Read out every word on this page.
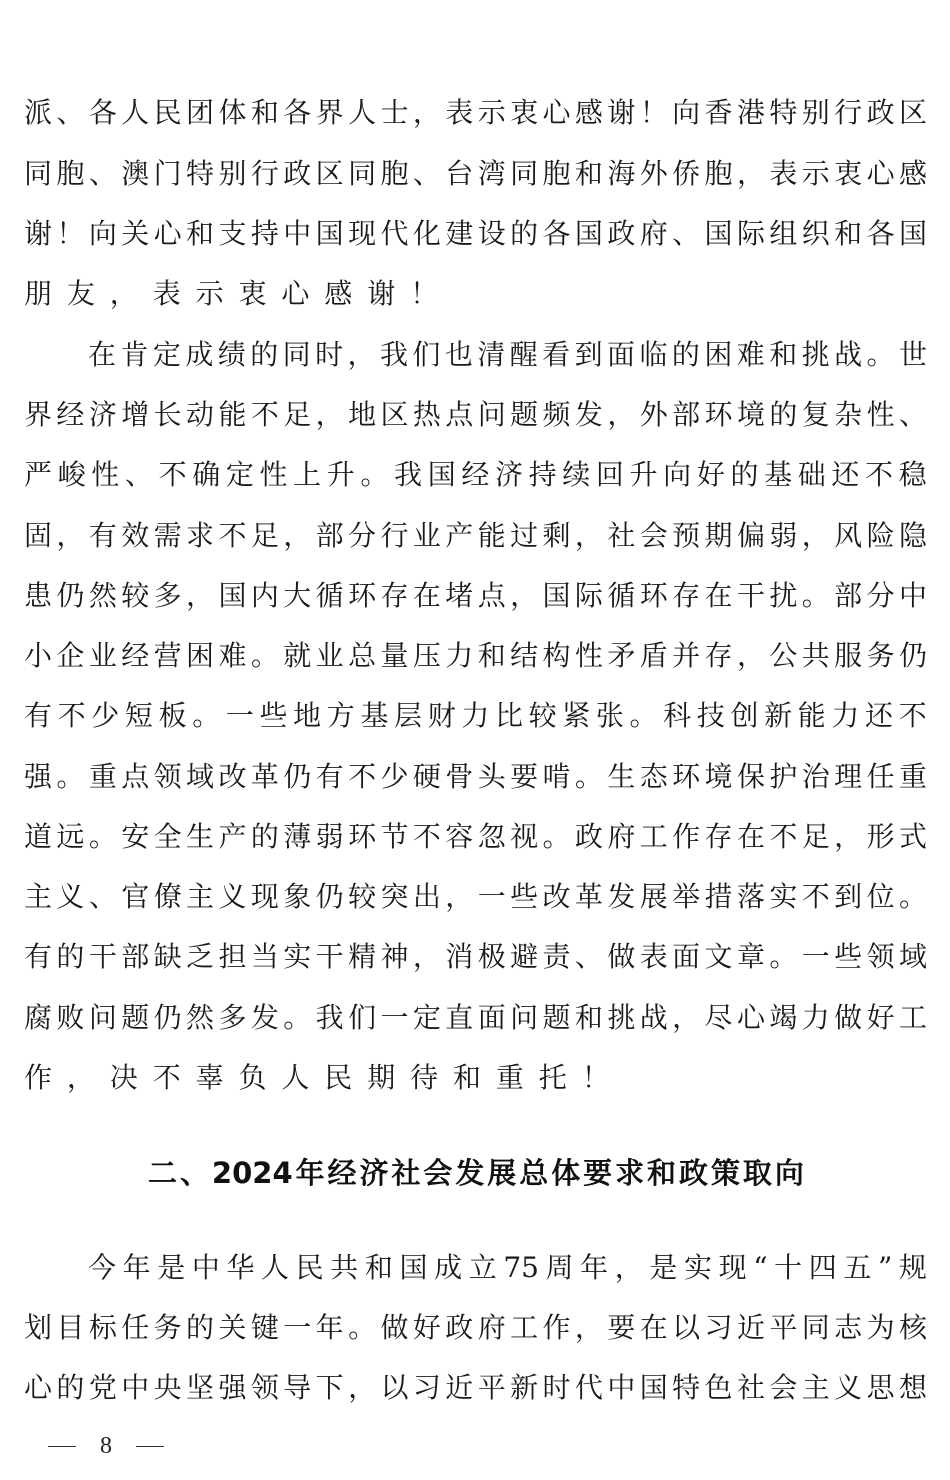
派 、 各 人 民 团 体 和 各 界 人 士 ， 表 示 衷 心 感 谢 ！ 向 香 港 特 别 行 政 区
同 胞 、 澳 门 特 别 行 政 区 同 胞 、 台 湾 同 胞 和 海 外 侨 胞 ， 表 示 衷 心 感
谢 ！ 向 关 心 和 支 持 中 国 现 代 化 建 设 的 各 国 政 府 、 国 际 组 织 和 各 国
朋友，表示衷心感谢！
在 肯 定 成 绩 的 同 时 ， 我 们 也 清 醒 看 到 面 临 的 困 难 和 挑 战 。 世
界 经 济 增 长 动 能 不 足 ， 地 区 热 点 问 题 频 发 ， 外 部 环 境 的 复 杂 性 、
严 峻 性 、 不 确 定 性 上 升 。 我 国 经 济 持 续 回 升 向 好 的 基 础 还 不 稳
固 ， 有 效 需 求 不 足 ， 部 分 行 业 产 能 过 剩 ， 社 会 预 期 偏 弱 ， 风 险 隐
患 仍 然 较 多 ， 国 内 大 循 环 存 在 堵 点 ， 国 际 循 环 存 在 干 扰 。 部 分 中
小 企 业 经 营 困 难 。 就 业 总 量 压 力 和 结 构 性 矛 盾 并 存 ， 公 共 服 务 仍
有 不 少 短 板 。 一 些 地 方 基 层 财 力 比 较 紧 张 。 科 技 创 新 能 力 还 不
强 。 重 点 领 域 改 革 仍 有 不 少 硬 骨 头 要 啃 。 生 态 环 境 保 护 治 理 任 重
道 远 。 安 全 生 产 的 薄 弱 环 节 不 容 忽 视 。 政 府 工 作 存 在 不 足 ， 形 式
主 义 、 官 僚 主 义 现 象 仍 较 突 出 ， 一 些 改 革 发 展 举 措 落 实 不 到 位 。
有 的 干 部 缺 乏 担 当 实 干 精 神 ， 消 极 避 责 、 做 表 面 文 章 。 一 些 领 域
腐 败 问 题 仍 然 多 发 。 我 们 一 定 直 面 问 题 和 挑 战 ， 尽 心 竭 力 做 好 工
作，决不辜负人民期待和重托！
二 、 2024 年 经 济 社 会 发 展 总 体 要 求 和 政 策 取 向
今 年 是 中 华 人 民 共 和 国 成 立 75 周 年 ， 是 实 现 “ 十 四 五 ” 规
划 目 标 任 务 的 关 键 一 年 。 做 好 政 府 工 作 ， 要 在 以 习 近 平 同 志 为 核
心 的 党 中 央 坚 强 领 导 下 ， 以 习 近 平 新 时 代 中 国 特 色 社 会 主 义 思 想
8
